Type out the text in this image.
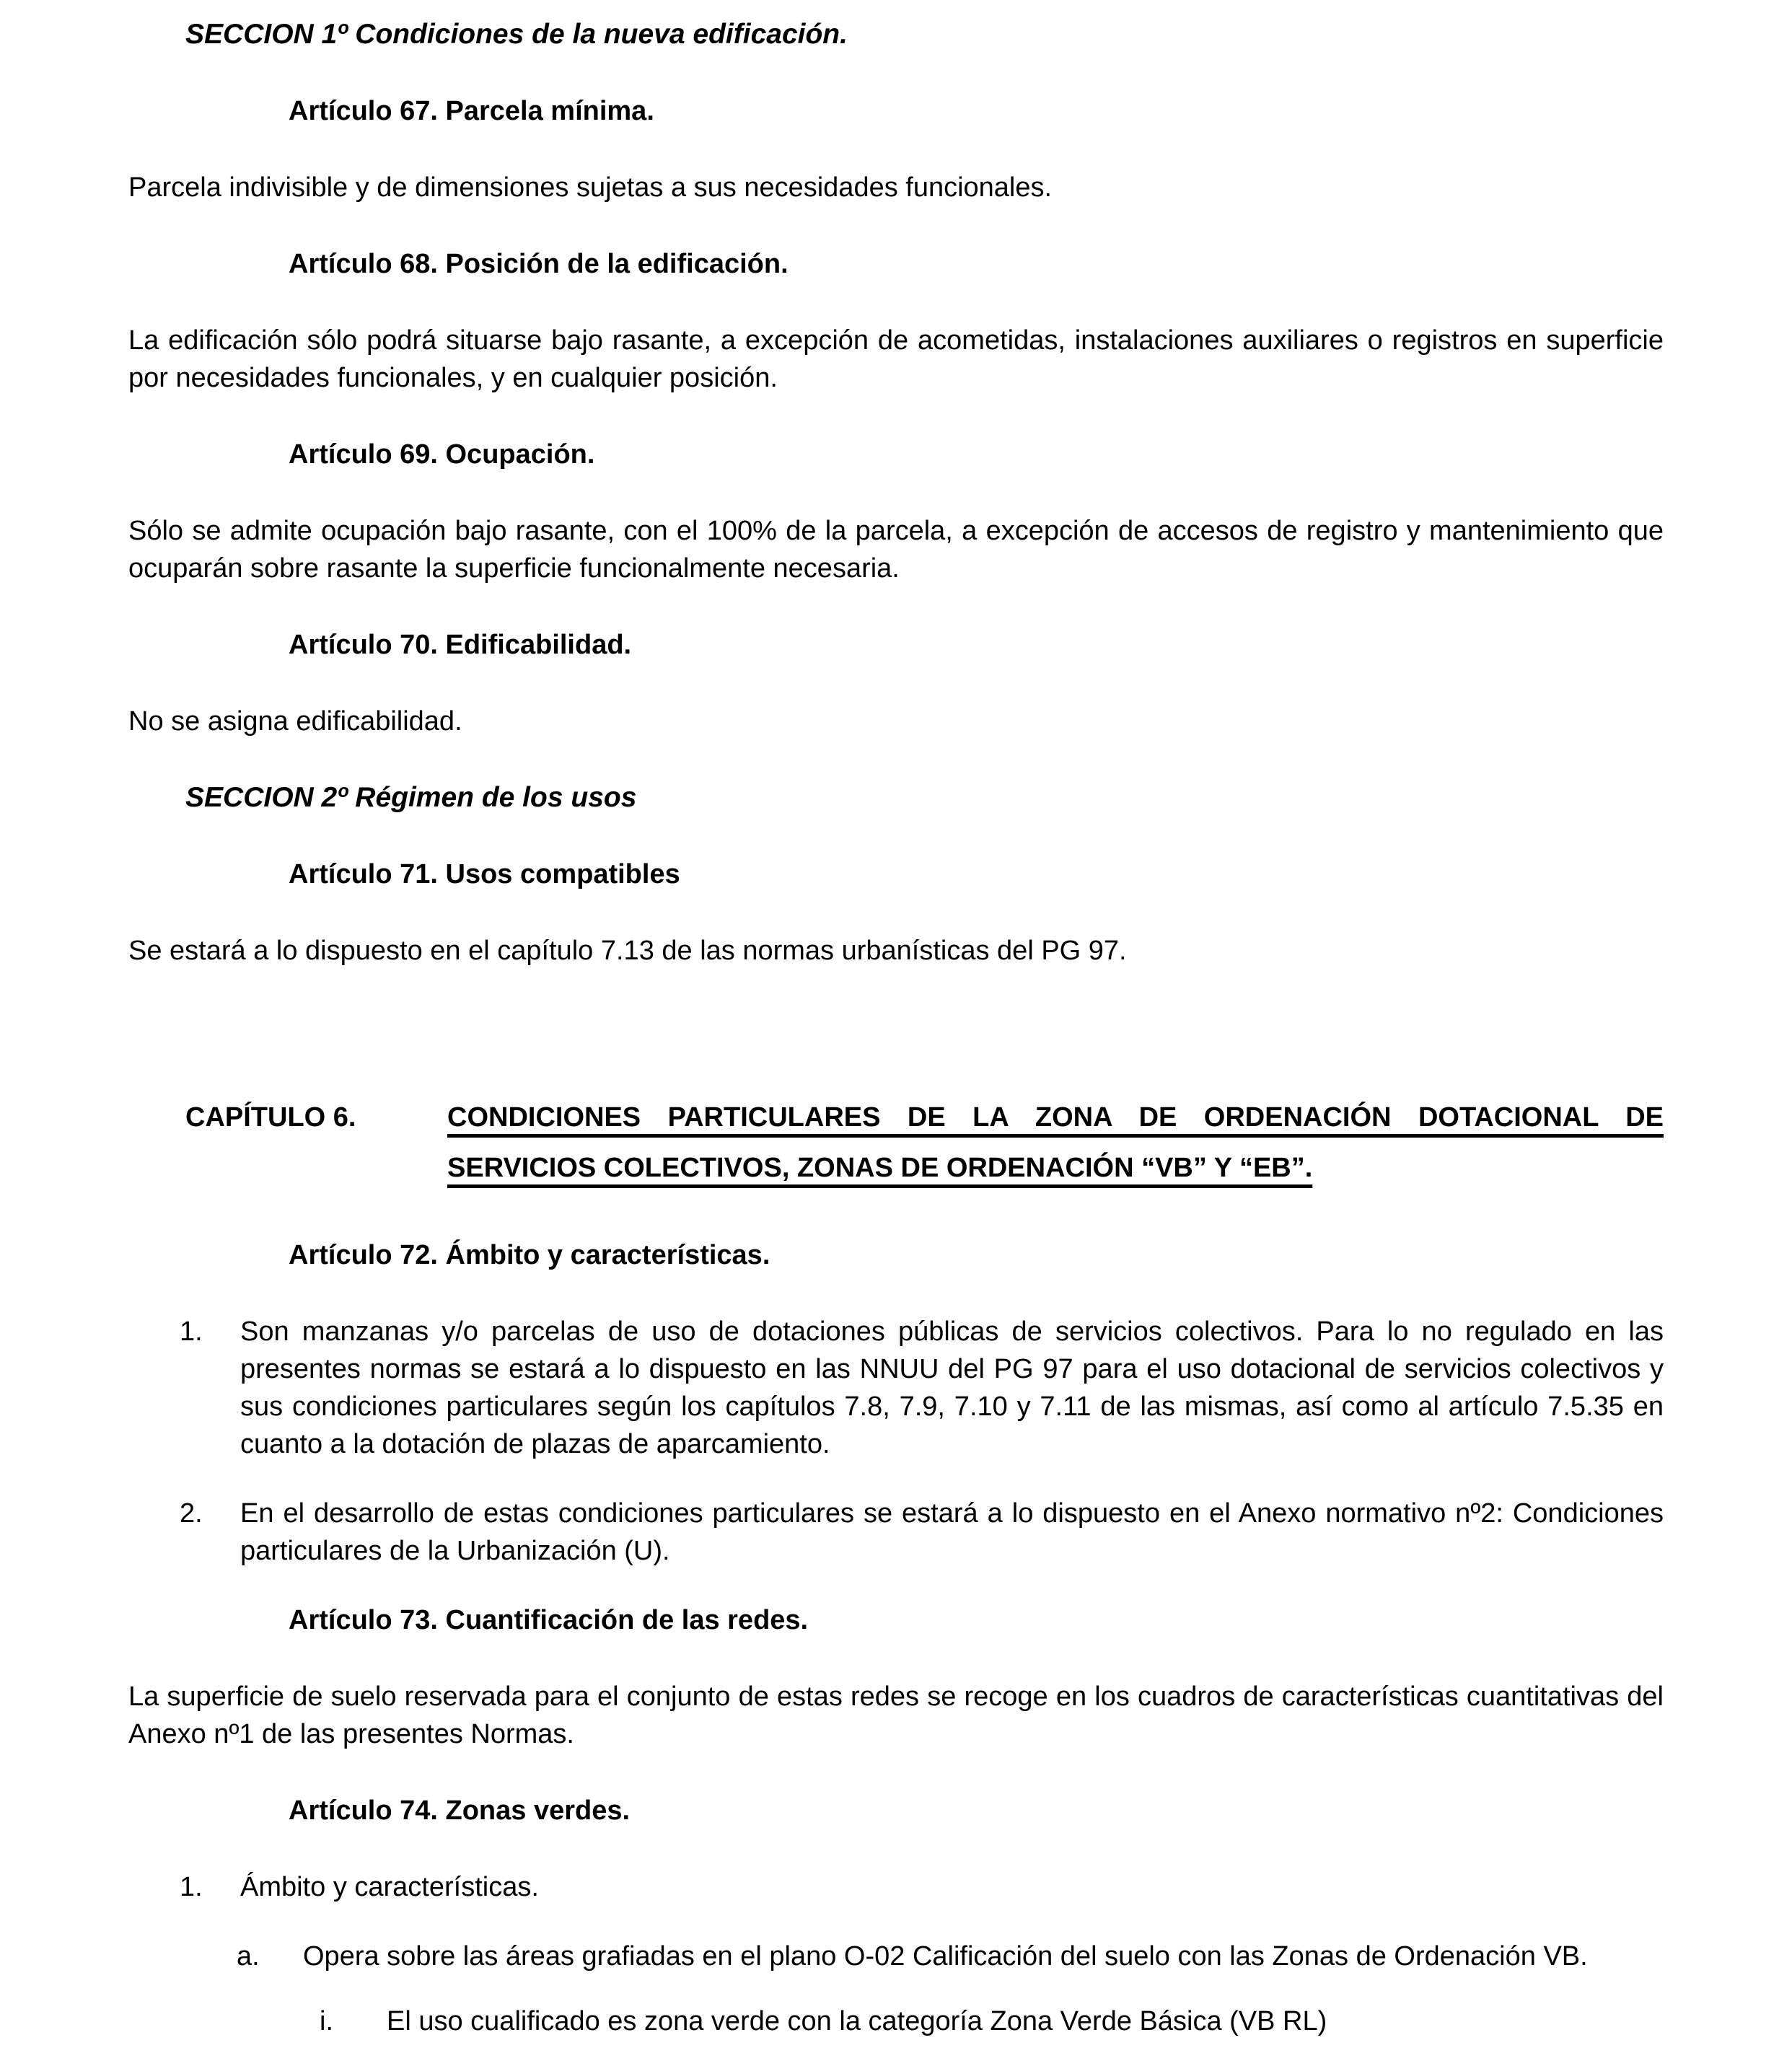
SECCION 1º Condiciones de la nueva edificación.
Artículo 67. Parcela mínima.

Parcela indivisible y de dimensiones sujetas a sus necesidades funcionales.

Artículo 68. Posición de la edificación.

La edificación sólo podrá situarse bajo rasante, a excepción de acometidas, instalaciones auxiliares o registros en superficie por necesidades funcionales, y en cualquier posición.

Artículo 69. Ocupación.

Sólo se admite ocupación bajo rasante, con el 100% de la parcela, a excepción de accesos de registro y mantenimiento que ocuparán sobre rasante la superficie funcionalmente necesaria.

Artículo 70. Edificabilidad.

No se asigna edificabilidad.

SECCION 2º Régimen de los usos
Artículo 71. Usos compatibles

Se estará a lo dispuesto en el capítulo 7.13 de las normas urbanísticas del PG 97.

CAPÍTULO 6.	CONDICIONES PARTICULARES DE LA ZONA DE ORDENACIÓN DOTACIONAL DE SERVICIOS COLECTIVOS, ZONAS DE ORDENACIÓN “VB” Y “EB”.
Artículo 72. Ámbito y características.
1.	Son manzanas y/o parcelas de uso de dotaciones públicas de servicios colectivos. Para lo no regulado en las presentes normas se estará a lo dispuesto en las NNUU del PG 97 para el uso dotacional de servicios colectivos y sus condiciones particulares según los capítulos 7.8, 7.9, 7.10 y 7.11 de las mismas, así como al artículo 7.5.35 en cuanto a la dotación de plazas de aparcamiento.
2.	En el desarrollo de estas condiciones particulares se estará a lo dispuesto en el Anexo normativo nº2: Condiciones particulares de la Urbanización (U).
Artículo 73. Cuantificación de las redes.

La superficie de suelo reservada para el conjunto de estas redes se recoge en los cuadros de características cuantitativas del Anexo nº1 de las presentes Normas.

Artículo 74. Zonas verdes.
1.	Ámbito y características.
a.	Opera sobre las áreas grafiadas en el plano O-02 Calificación del suelo con las Zonas de Ordenación VB.
i.	El uso cualificado es zona verde con la categoría Zona Verde Básica (VB RL)
